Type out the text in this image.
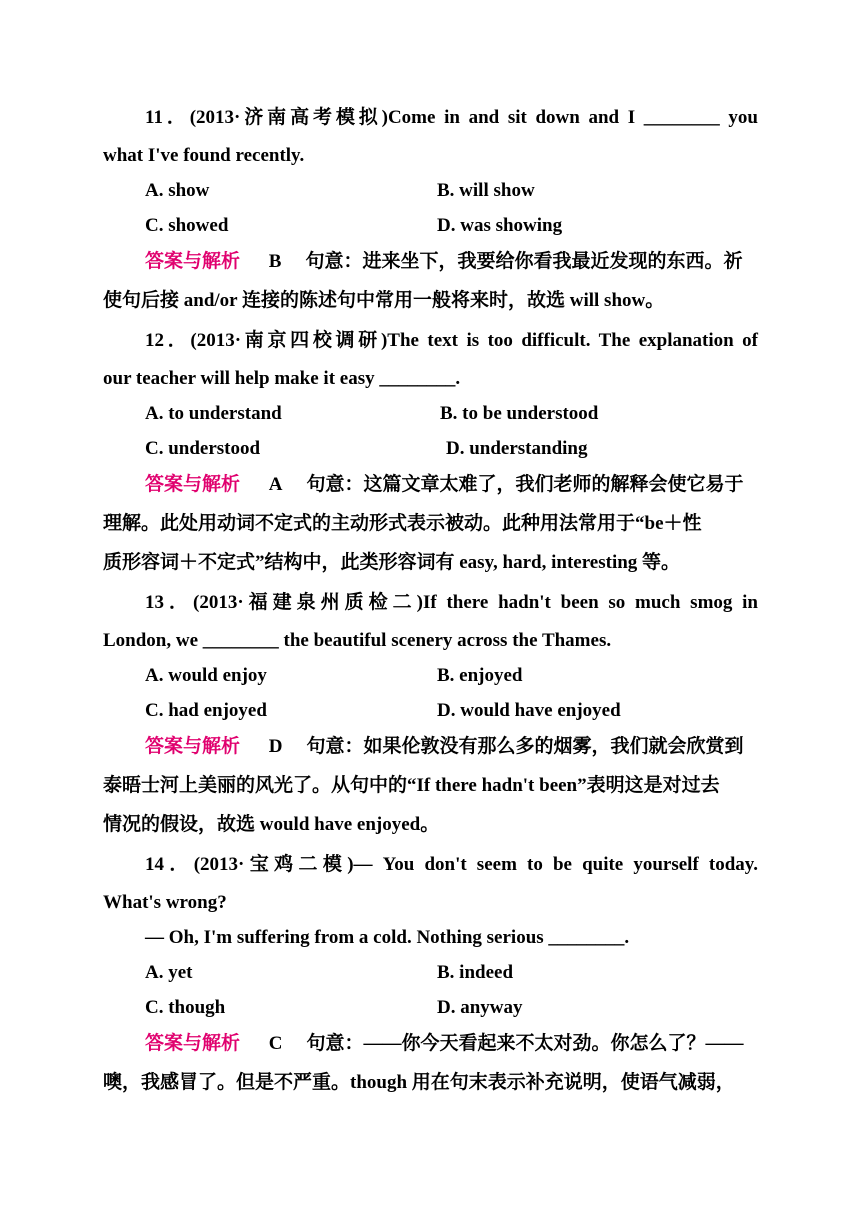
11．(2013·济南高考模拟)Come in and sit down and I ________ you
what I've found recently.
A. show	B. will show
C. showed	D. was showing
答案与解析 B 句意：进来坐下，我要给你看我最近发现的东西。祈
使句后接 and/or 连接的陈述句中常用一般将来时，故选 will show。
12．(2013·南京四校调研)The text is too difficult. The explanation of
our teacher will help make it easy ________.
A. to understand	B. to be understood
C. understood	D. understanding
答案与解析 A 句意：这篇文章太难了，我们老师的解释会使它易于
理解。此处用动词不定式的主动形式表示被动。此种用法常用于“be＋性
质形容词＋不定式”结构中，此类形容词有 easy, hard, interesting 等。
13．(2013·福建泉州质检二)If there hadn't been so much smog in
London, we ________ the beautiful scenery across the Thames.
A. would enjoy	B. enjoyed
C. had enjoyed	D. would have enjoyed
答案与解析 D 句意：如果伦敦没有那么多的烟雾，我们就会欣赏到
泰晤士河上美丽的风光了。从句中的“If there hadn't been”表明这是对过去
情况的假设，故选 would have enjoyed。
14．(2013·宝鸡二模)— You don't seem to be quite yourself today.
What's wrong?
— Oh, I'm suffering from a cold. Nothing serious ________.
A. yet	B. indeed
C. though	D. anyway
答案与解析 C 句意：——你今天看起来不太对劲。你怎么了？——
噢，我感冒了。但是不严重。though 用在句末表示补充说明，使语气减弱，
